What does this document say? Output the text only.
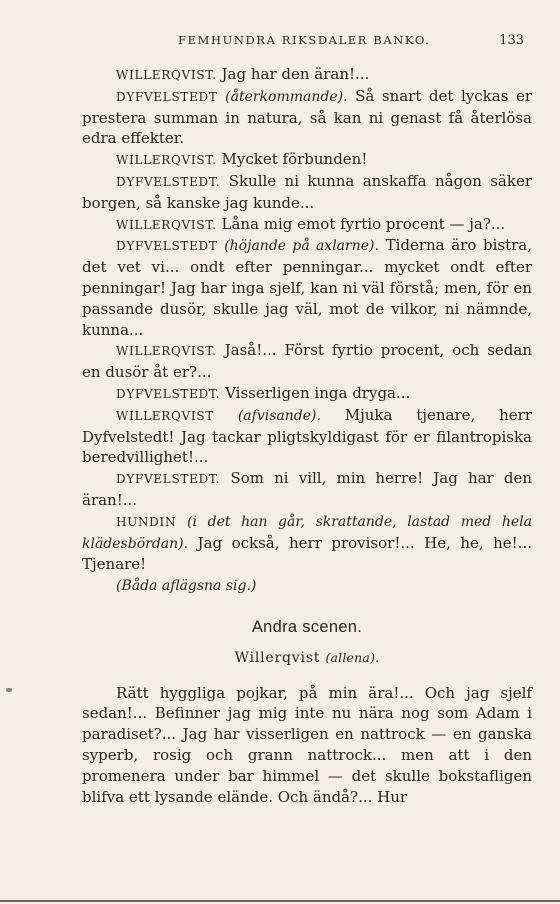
FEMHUNDRA RIKSDALER BANKO.	133

WILLERQVIST. Jag har den äran!...

DYFVELSTEDT (återkommande). Så snart det lyckas er prestera summan in natura, så kan ni genast få återlösa edra effekter.

WILLERQVIST. Mycket förbunden!

DYFVELSTEDT. Skulle ni kunna anskaffa någon säker borgen, så kanske jag kunde...

WILLERQVIST. Låna mig emot fyrtio procent — ja?...

DYFVELSTEDT (höjande på axlarne). Tiderna äro bistra, det vet vi... ondt efter penningar... mycket ondt efter penningar! Jag har inga sjelf, kan ni väl förstå; men, för en passande dusör, skulle jag väl, mot de vilkor, ni nämnde, kunna...

WILLERQVIST. Jaså!... Först fyrtio procent, och sedan en dusör åt er?...

DYFVELSTEDT. Visserligen inga dryga...

WILLERQVIST (afvisande). Mjuka tjenare, herr Dyfvelstedt! Jag tackar pligtskyldigast för er filantropiska beredvillighet!...

DYFVELSTEDT. Som ni vill, min herre! Jag har den äran!...

HUNDIN (i det han går, skrattande, lastad med hela klädesbördan). Jag också, herr provisor!... He, he, he!... Tjenare!

(Båda aflägsna sig.)

Andra scenen.
Willerqvist (allena).

Rätt hyggliga pojkar, på min ära!... Och jag sjelf sedan!... Befinner jag mig inte nu nära nog som Adam i paradiset?... Jag har visserligen en nattrock — en ganska syperb, rosig och grann nattrock... men att i den promenera under bar himmel — det skulle bokstafligen blifva ett lysande elände. Och ändå?... Hur
